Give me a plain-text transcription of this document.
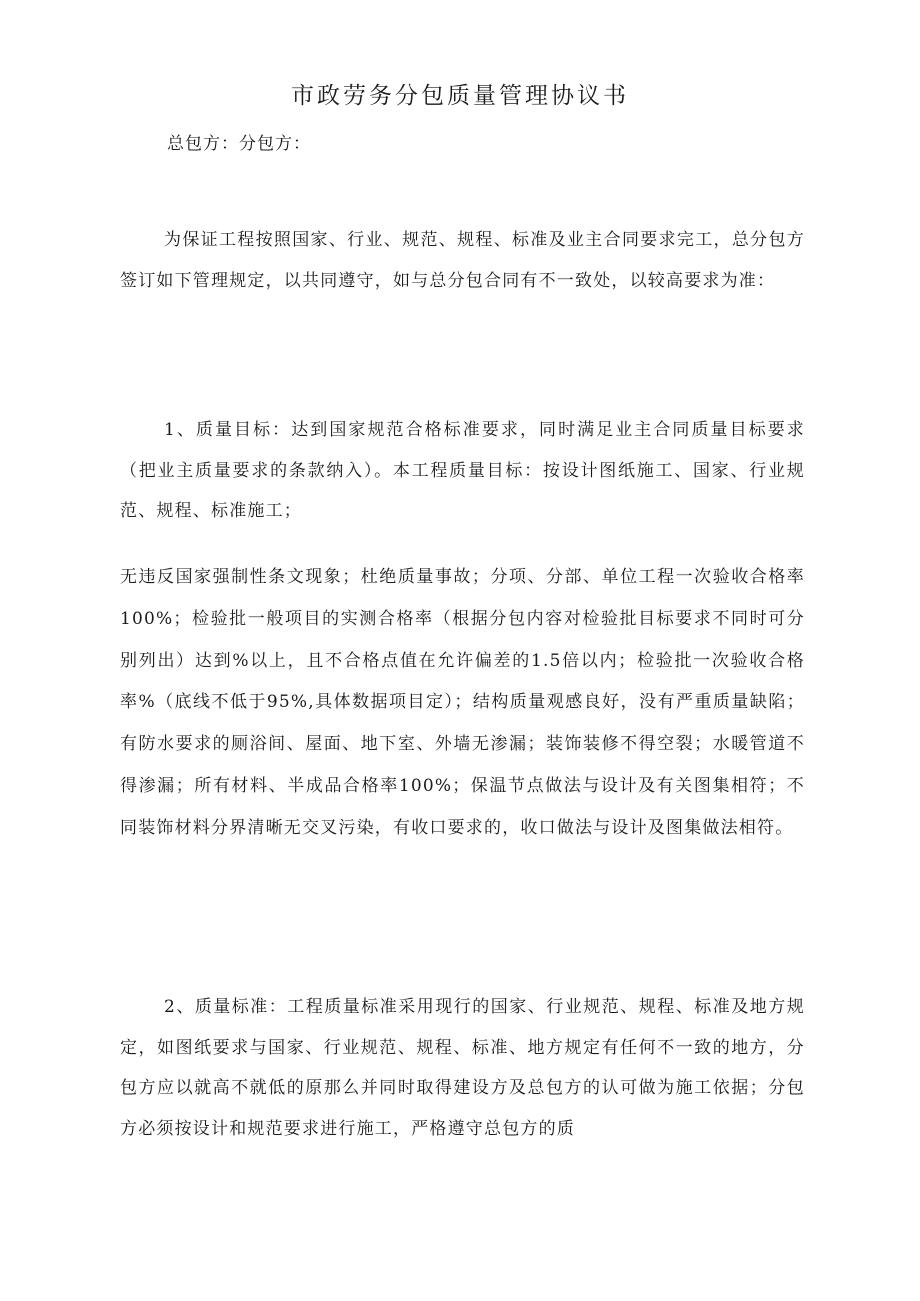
市政劳务分包质量管理协议书
总包方：分包方：

为保证工程按照国家、行业、规范、规程、标准及业主合同要求完工，总分包方签订如下管理规定，以共同遵守，如与总分包合同有不一致处，以较高要求为准：

1、质量目标：达到国家规范合格标准要求，同时满足业主合同质量目标要求（把业主质量要求的条款纳入）。本工程质量目标：按设计图纸施工、国家、行业规范、规程、标准施工；

无违反国家强制性条文现象；杜绝质量事故；分项、分部、单位工程一次验收合格率100%；检验批一般项目的实测合格率（根据分包内容对检验批目标要求不同时可分别列出）达到%以上，且不合格点值在允许偏差的1.5倍以内；检验批一次验收合格率%（底线不低于95%,具体数据项目定）；结构质量观感良好，没有严重质量缺陷；有防水要求的厕浴间、屋面、地下室、外墙无渗漏；装饰装修不得空裂；水暖管道不得渗漏；所有材料、半成品合格率100%；保温节点做法与设计及有关图集相符；不同装饰材料分界清晰无交叉污染，有收口要求的，收口做法与设计及图集做法相符。

2、质量标准：工程质量标准采用现行的国家、行业规范、规程、标准及地方规定，如图纸要求与国家、行业规范、规程、标准、地方规定有任何不一致的地方，分包方应以就高不就低的原那么并同时取得建设方及总包方的认可做为施工依据；分包方必须按设计和规范要求进行施工，严格遵守总包方的质
